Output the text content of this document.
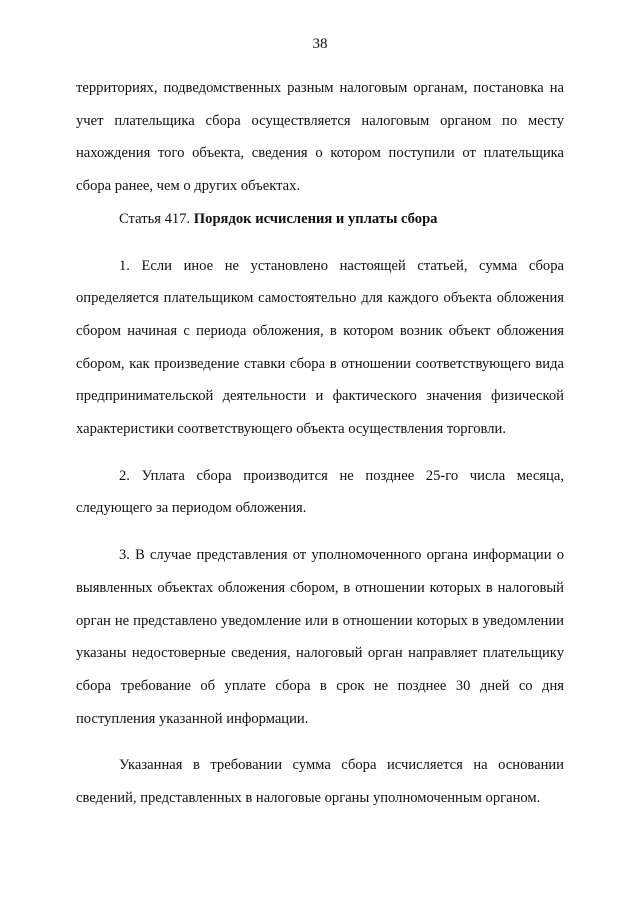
38

территориях, подведомственных разным налоговым органам, постановка на учет плательщика сбора осуществляется налоговым органом по месту нахождения того объекта, сведения о котором поступили от плательщика сбора ранее, чем о других объектах.

Статья 417. Порядок исчисления и уплаты сбора

1. Если иное не установлено настоящей статьей, сумма сбора определяется плательщиком самостоятельно для каждого объекта обложения сбором начиная с периода обложения, в котором возник объект обложения сбором, как произведение ставки сбора в отношении соответствующего вида предпринимательской деятельности и фактического значения физической характеристики соответствующего объекта осуществления торговли.

2. Уплата сбора производится не позднее 25-го числа месяца, следующего за периодом обложения.

3. В случае представления от уполномоченного органа информации о выявленных объектах обложения сбором, в отношении которых в налоговый орган не представлено уведомление или в отношении которых в уведомлении указаны недостоверные сведения, налоговый орган направляет плательщику сбора требование об уплате сбора в срок не позднее 30 дней со дня поступления указанной информации.

Указанная в требовании сумма сбора исчисляется на основании сведений, представленных в налоговые органы уполномоченным органом.
